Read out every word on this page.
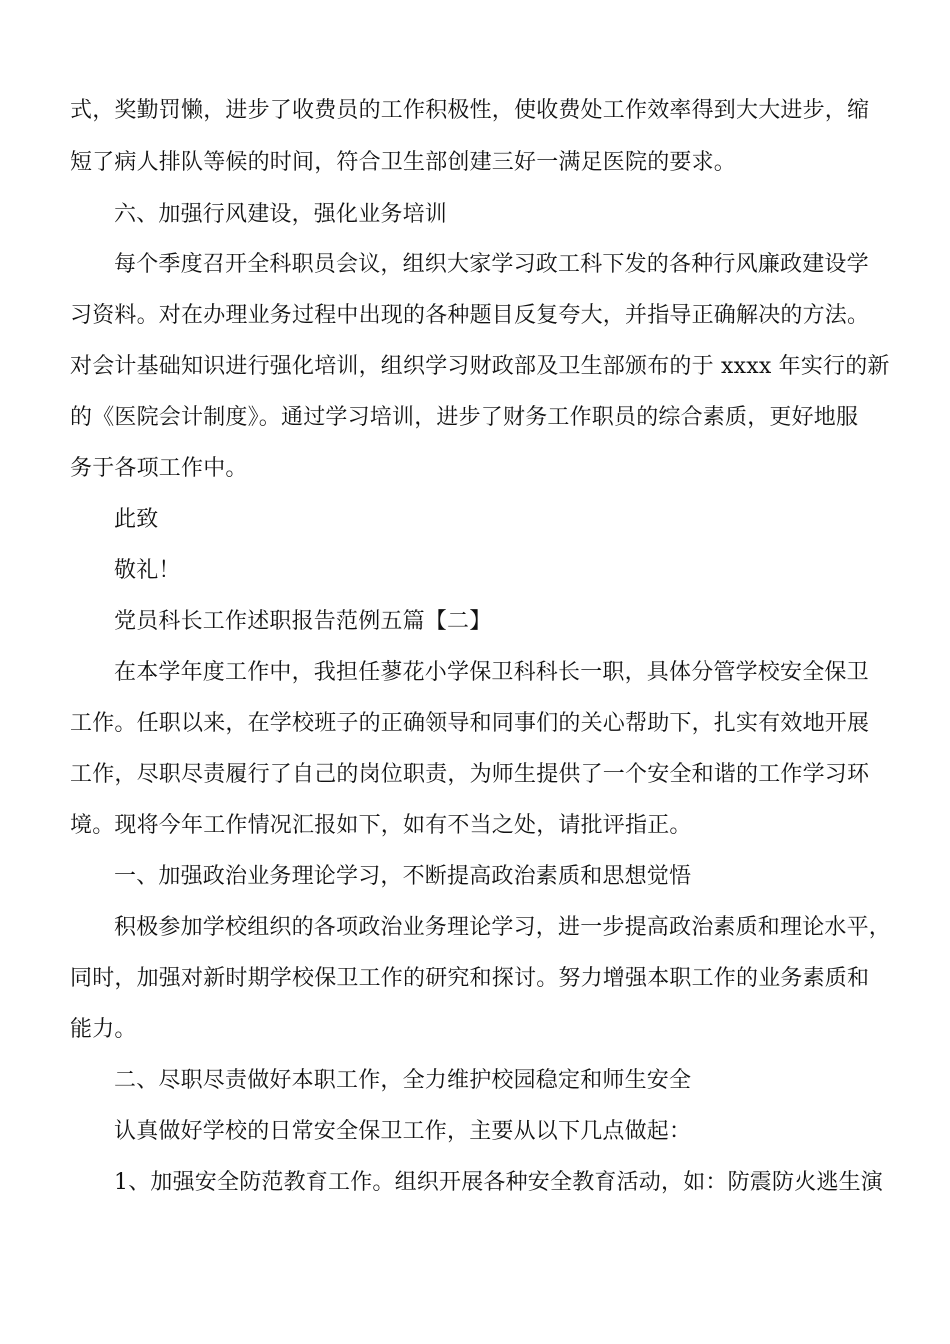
式，奖勤罚懒，进步了收费员的工作积极性，使收费处工作效率得到大大进步，缩
短了病人排队等候的时间，符合卫生部创建三好一满足医院的要求。
六、加强行风建设，强化业务培训
每个季度召开全科职员会议，组织大家学习政工科下发的各种行风廉政建设学
习资料。对在办理业务过程中出现的各种题目反复夸大，并指导正确解决的方法。
对会计基础知识进行强化培训，组织学习财政部及卫生部颁布的于 xxxx 年实行的新
的《医院会计制度》。通过学习培训，进步了财务工作职员的综合素质，更好地服
务于各项工作中。
此致
敬礼！
党员科长工作述职报告范例五篇【二】
在本学年度工作中，我担任蓼花小学保卫科科长一职，具体分管学校安全保卫
工作。任职以来，在学校班子的正确领导和同事们的关心帮助下，扎实有效地开展
工作，尽职尽责履行了自己的岗位职责，为师生提供了一个安全和谐的工作学习环
境。现将今年工作情况汇报如下，如有不当之处，请批评指正。
一、加强政治业务理论学习，不断提高政治素质和思想觉悟
积极参加学校组织的各项政治业务理论学习，进一步提高政治素质和理论水平，
同时，加强对新时期学校保卫工作的研究和探讨。努力增强本职工作的业务素质和
能力。
二、尽职尽责做好本职工作，全力维护校园稳定和师生安全
认真做好学校的日常安全保卫工作，主要从以下几点做起：
1、加强安全防范教育工作。组织开展各种安全教育活动，如：防震防火逃生演
